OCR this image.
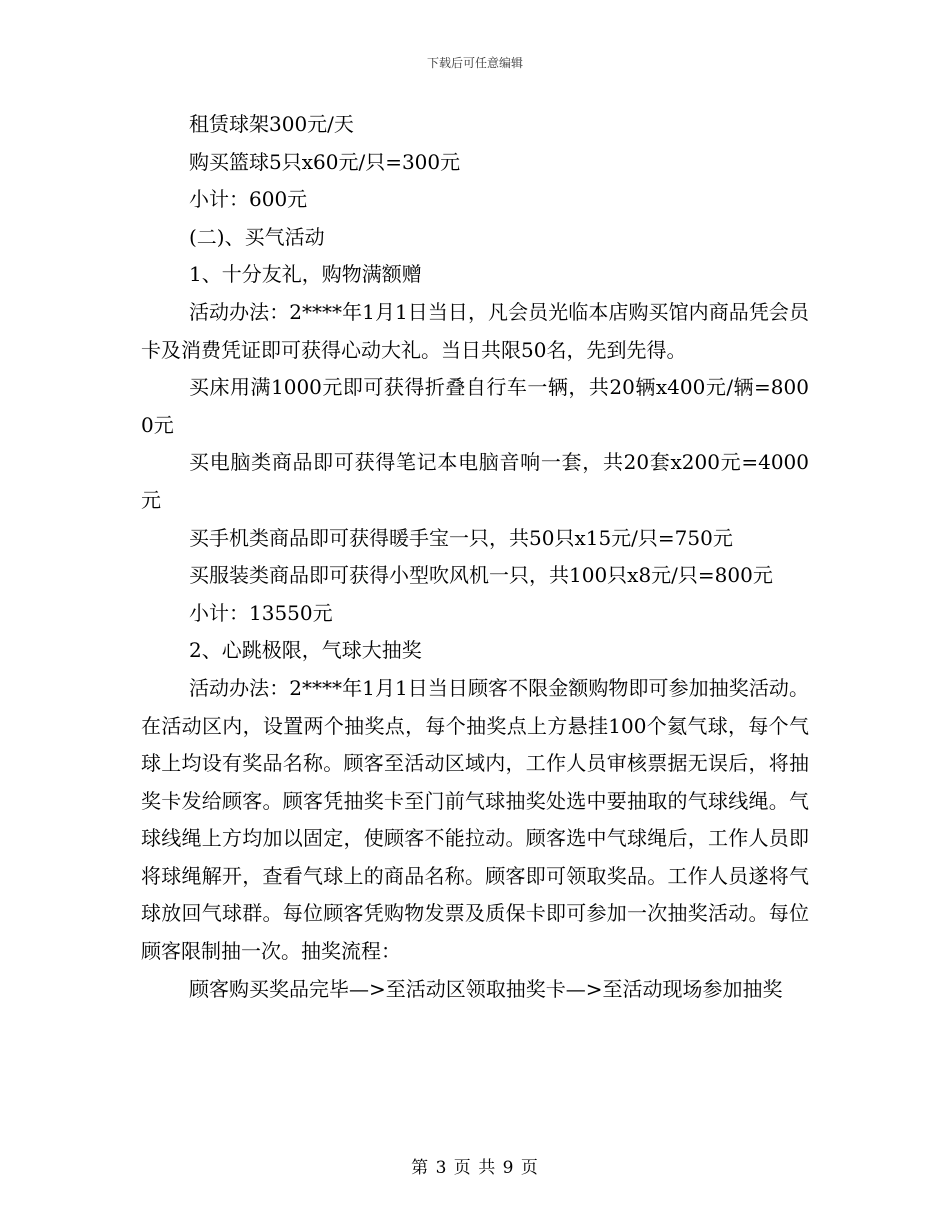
下载后可任意编辑

租赁球架300元/天

购买篮球5只x60元/只=300元

小计：600元

(二)、买气活动

1、十分友礼，购物满额赠

活动办法：2****年1月1日当日，凡会员光临本店购买馆内商品凭会员卡及消费凭证即可获得心动大礼。当日共限50名，先到先得。

买床用满1000元即可获得折叠自行车一辆，共20辆x400元/辆=8000元

买电脑类商品即可获得笔记本电脑音响一套，共20套x200元=4000元

买手机类商品即可获得暖手宝一只，共50只x15元/只=750元

买服装类商品即可获得小型吹风机一只，共100只x8元/只=800元

小计：13550元

2、心跳极限，气球大抽奖

活动办法：2****年1月1日当日顾客不限金额购物即可参加抽奖活动。在活动区内，设置两个抽奖点，每个抽奖点上方悬挂100个氦气球，每个气球上均设有奖品名称。顾客至活动区域内，工作人员审核票据无误后，将抽奖卡发给顾客。顾客凭抽奖卡至门前气球抽奖处选中要抽取的气球线绳。气球线绳上方均加以固定，使顾客不能拉动。顾客选中气球绳后，工作人员即将球绳解开，查看气球上的商品名称。顾客即可领取奖品。工作人员遂将气球放回气球群。每位顾客凭购物发票及质保卡即可参加一次抽奖活动。每位顾客限制抽一次。抽奖流程：

顾客购买奖品完毕—>至活动区领取抽奖卡—>至活动现场参加抽奖

第 3 页 共 9 页
